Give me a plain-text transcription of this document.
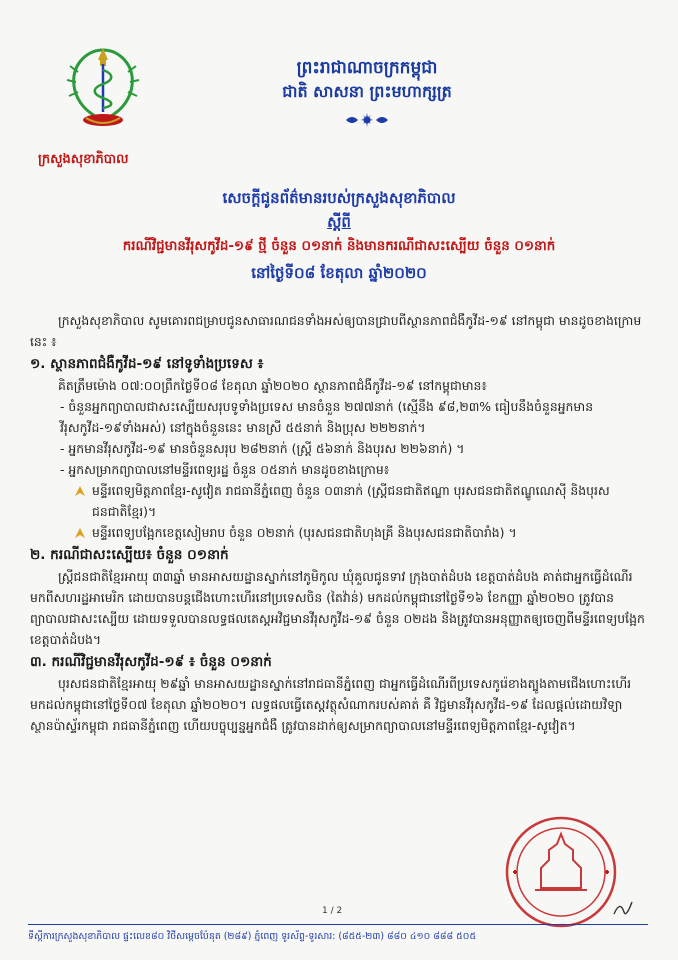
ក្រសួងសុខាភិបាល
ព្រះរាជាណាចក្រកម្ពុជា
ជាតិ សាសនា ព្រះមហាក្សត្រ
សេចក្ដីជូនព័ត៌មានរបស់ក្រសួងសុខាភិបាល
ស្ដីពី
ករណីវិជ្ជមានវីរុសកូវីដ-១៩ ថ្មី ចំនួន ០១នាក់ និងមានករណីជាសះស្បើយ ចំនួន ០១នាក់
នៅថ្ងៃទី០៨ ខែតុលា ឆ្នាំ២០២០

ក្រសួងសុខាភិបាល សូមគោរពជម្រាបជូនសាធារណជនទាំងអស់ឲ្យបានជ្រាបពីស្ថានភាពជំងឺកូវីដ-១៩ នៅកម្ពុជា មានដូចខាងក្រោមនេះ ៖

១. ស្ថានភាពជំងឺកូវីដ-១៩ នៅទូទាំងប្រទេស ៖

គិតត្រឹមម៉ោង ០៧:០០ព្រឹកថ្ងៃទី០៨ ខែតុលា ឆ្នាំ២០២០ ស្ថានភាពជំងឺកូវីដ-១៩ នៅកម្ពុជាមាន៖

- ចំនួនអ្នកព្យាបាលជាសះស្បើយសរុបទូទាំងប្រទេស មានចំនួន ២៧៧នាក់ (ស្មើនឹង ៩៨,២៣% ធៀបនឹងចំនួនអ្នកមានវីរុសកូវីដ-១៩ទាំងអស់) នៅក្នុងចំនួននេះ មានស្រី ៥៥នាក់ និងប្រុស ២២២នាក់។

- អ្នកមានវីរុសកូវីដ-១៩ មានចំនួនសរុប ២៨២នាក់ (ស្ត្រី ៥៦នាក់ និងបុរស ២២៦នាក់) ។

- អ្នកសម្រាកព្យាបាលនៅមន្ទីរពេទ្យរដ្ឋ ចំនួន ០៥នាក់ មានដូចខាងក្រោម៖

មន្ទីរពេទ្យមិត្តភាពខ្មែរ-សូវៀត រាជធានីភ្នំពេញ ចំនួន ០៣នាក់ (ស្ត្រីជនជាតិឥណ្ឌា បុរសជនជាតិឥណ្ឌូណេស៊ី និងបុរសជនជាតិខ្មែរ)។

មន្ទីរពេទ្យបង្អែកខេត្តសៀមរាប ចំនួន ០២នាក់ (បុរសជនជាតិហុងគ្រី និងបុរសជនជាតិបារាំង) ។

២. ករណីជាសះស្បើយ៖ ចំនួន ០១នាក់

ស្ត្រីជនជាតិខ្មែរអាយុ ៣៣ឆ្នាំ មានអាសយដ្ឋានស្នាក់នៅភូមិកូល ឃុំគួលជូនទាវ ក្រុងបាត់ដំបង ខេត្តបាត់ដំបង គាត់ជាអ្នកធ្វើដំណើរមកពីសហរដ្ឋអាមេរិក ដោយបានបន្តជើងហោះហើរនៅប្រទេសចិន (តៃវ៉ាន់) មកដល់កម្ពុជានៅថ្ងៃទី១៦ ខែកញ្ញា ឆ្នាំ២០២០ ត្រូវបានព្យាបាលជាសះស្បើយ ដោយទទួលបានលទ្ធផលតេស្តអវិជ្ជមានវីរុសកូវីដ-១៩ ចំនួន ០២ដង និងត្រូវបានអនុញ្ញាតឲ្យចេញពីមន្ទីរពេទ្យបង្អែកខេត្តបាត់ដំបង។

៣. ករណីវិជ្ជមានវីរុសកូវីដ-១៩ ៖ ចំនួន ០១នាក់

បុរសជនជាតិខ្មែរអាយុ ២៩ឆ្នាំ មានអាសយដ្ឋានស្នាក់នៅរាជធានីភ្នំពេញ ជាអ្នកធ្វើដំណើរពីប្រទេសកូរ៉េខាងត្បូងតាមជើងហោះហើរ មកដល់កម្ពុជានៅថ្ងៃទី០៧ ខែតុលា ឆ្នាំ២០២០។ លទ្ធផលធ្វើតេស្តវត្ថុសំណាករបស់គាត់ គឺ វិជ្ជមានវីរុសកូវីដ-១៩ ដែលផ្ដល់ដោយវិទ្យាស្ថានប៉ាស្ទ័រកម្ពុជា រាជធានីភ្នំពេញ ហើយបច្ចុប្បន្នអ្នកជំងឺ ត្រូវបានដាក់ឲ្យសម្រាកព្យាបាលនៅមន្ទីរពេទ្យមិត្តភាពខ្មែរ-សូវៀត។

1 / 2
ទីស្ដីការក្រសួងសុខាភិបាល ផ្ទះលេខ៨០ វិថីសម្ដេចប៉ែនុត (២៨៩) ភ្នំពេញ ទូរស័ព្ទ-ទូរសារ: (៨៥៥-២៣) ៨៨០ ៤១០ ៨៨៨ ៥០៥
